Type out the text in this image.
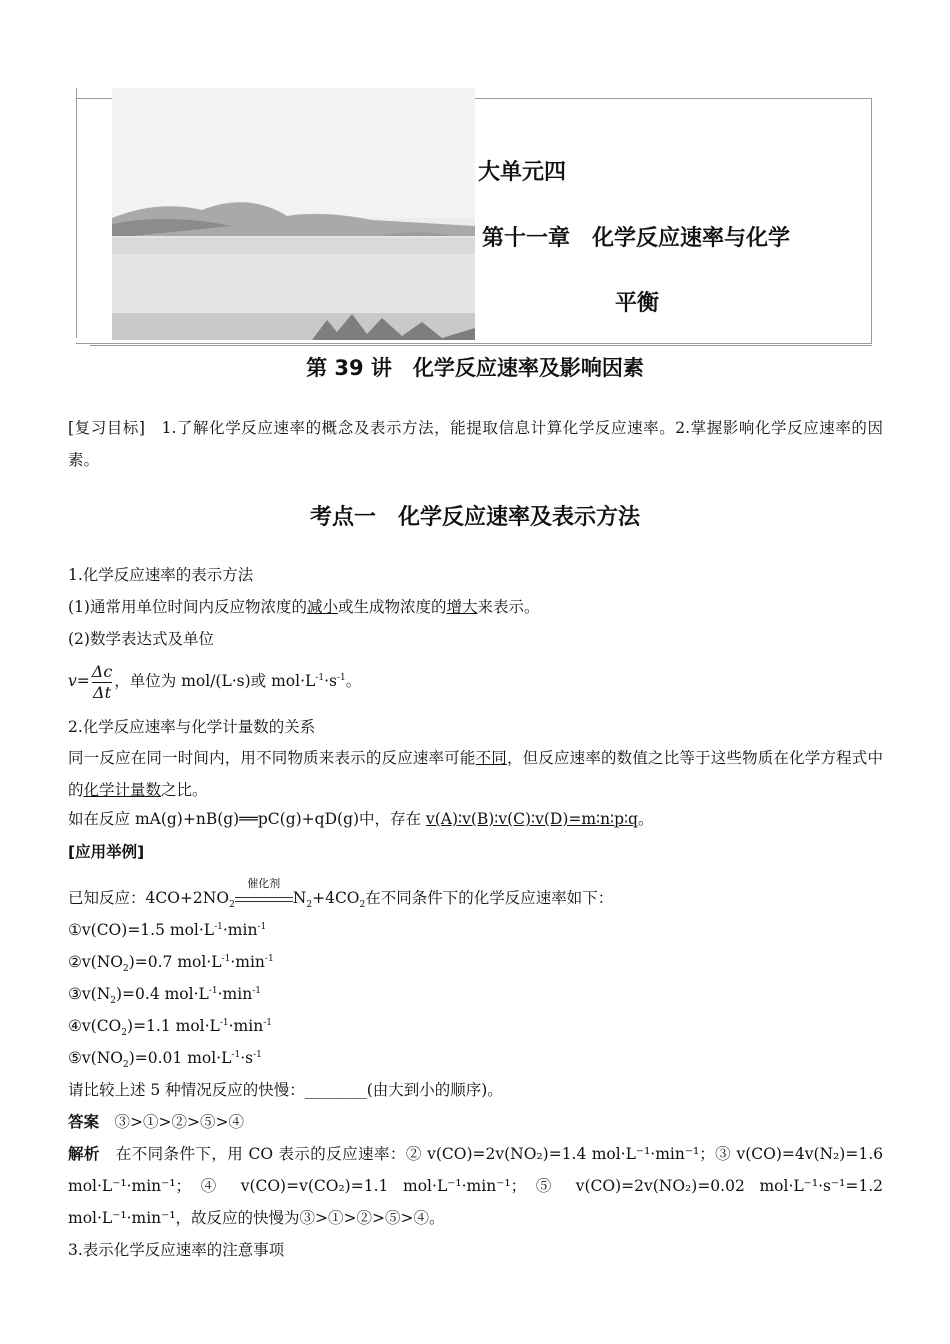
大单元四
第十一章　化学反应速率与化学
平衡
第 39 讲　化学反应速率及影响因素
[复习目标]　1.了解化学反应速率的概念及表示方法，能提取信息计算化学反应速率。2.掌握影响化学反应速率的因素。
考点一　化学反应速率及表示方法
1.化学反应速率的表示方法
(1)通常用单位时间内反应物浓度的减小或生成物浓度的增大来表示。
(2)数学表达式及单位
$v= \frac{\Delta c}{\Delta t}$ ，单位为 mol/(L·s)或 $mol\cdot L^{-1}\cdot s^{-1}$。
2.化学反应速率与化学计量数的关系
同一反应在同一时间内，用不同物质来表示的反应速率可能不同，但反应速率的数值之比等于这些物质在化学方程式中的化学计量数之比。
如在反应 mA(g)+nB(g)══pC(g)+qD(g)中，存在 v(A)∶v(B)∶v(C)∶v(D)=m∶n∶p∶q。
[应用举例]
已知反应：$4CO+2NO_2$
催化剂
$N_2+4CO_2$在不同条件下的化学反应速率如下：
①v(CO)=1.5 $mol\cdot L^{-1}\cdot\min^{-1}$
$②v(NO_2)=0.7$ $mol\cdot L^{-1}\cdot\min^{-1}$
$③v(N_2)=0.4$ $mol\cdot L^{-1}\cdot\min^{-1}$
$④v(CO_2)=1.1$ $mol\cdot L^{-1}\cdot\min^{-1}$
$⑤v(NO_2)=0.01$ $mol\cdot L^{-1}\cdot s^{-1}$
请比较上述 5 种情况反应的快慢：________(由大到小的顺序)。
答案　③>①>②>⑤>④
解析　在不同条件下，用 CO 表示的反应速率：② v(CO)=2v(NO₂)=1.4 mol·L⁻¹·min⁻¹；③ v(CO)=4v(N₂)=1.6 mol·L⁻¹·min⁻¹；④ v(CO)=v(CO₂)=1.1 mol·L⁻¹·min⁻¹；⑤ v(CO)=2v(NO₂)=0.02 mol·L⁻¹·s⁻¹=1.2 mol·L⁻¹·min⁻¹，故反应的快慢为③>①>②>⑤>④。
3.表示化学反应速率的注意事项
